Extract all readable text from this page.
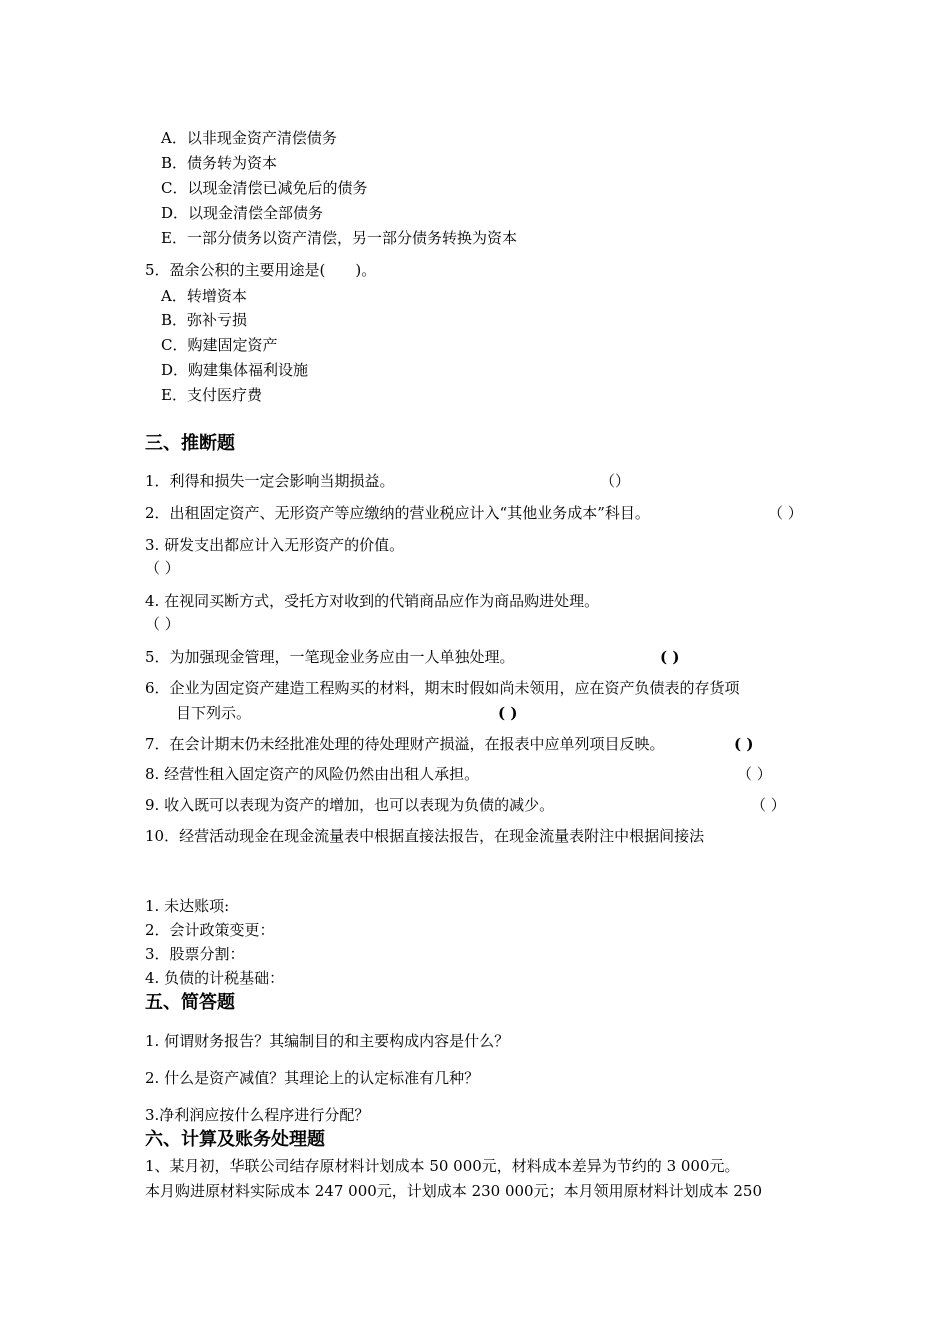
A．以非现金资产清偿债务
B．债务转为资本
C．以现金清偿已减免后的债务
D．以现金清偿全部债务
E．一部分债务以资产清偿，另一部分债务转换为资本
5．盈余公积的主要用途是(　　)。
A．转增资本
B．弥补亏损
C．购建固定资产
D．购建集体福利设施
E．支付医疗费
三、推断题
1．利得和损失一定会影响当期损益。	（）
2．出租固定资产、无形资产等应缴纳的营业税应计入“其他业务成本”科目。	（ ）
3. 研发支出都应计入无形资产的价值。
（ ）
4. 在视同买断方式，受托方对收到的代销商品应作为商品购进处理。
（ ）
5．为加强现金管理，一笔现金业务应由一人单独处理。	( )
6．企业为固定资产建造工程购买的材料，期末时假如尚未领用，应在资产负债表的存货项
目下列示。	( )
7．在会计期末仍未经批准处理的待处理财产损溢，在报表中应单列项目反映。	( )
8. 经营性租入固定资产的风险仍然由出租人承担。	（ ）
9. 收入既可以表现为资产的增加，也可以表现为负债的减少。	（ ）
10．经营活动现金在现金流量表中根据直接法报告，在现金流量表附注中根据间接法
1. 未达账项:
2．会计政策变更：
3．股票分割：
4. 负债的计税基础：
五、简答题
1. 何谓财务报告？其编制目的和主要构成内容是什么？
2. 什么是资产减值？其理论上的认定标准有几种？
3.净利润应按什么程序进行分配？
六、计算及账务处理题
1、某月初，华联公司结存原材料计划成本 50 000元，材料成本差异为节约的 3 000元。
本月购进原材料实际成本 247 000元，计划成本 230 000元；本月领用原材料计划成本 250
